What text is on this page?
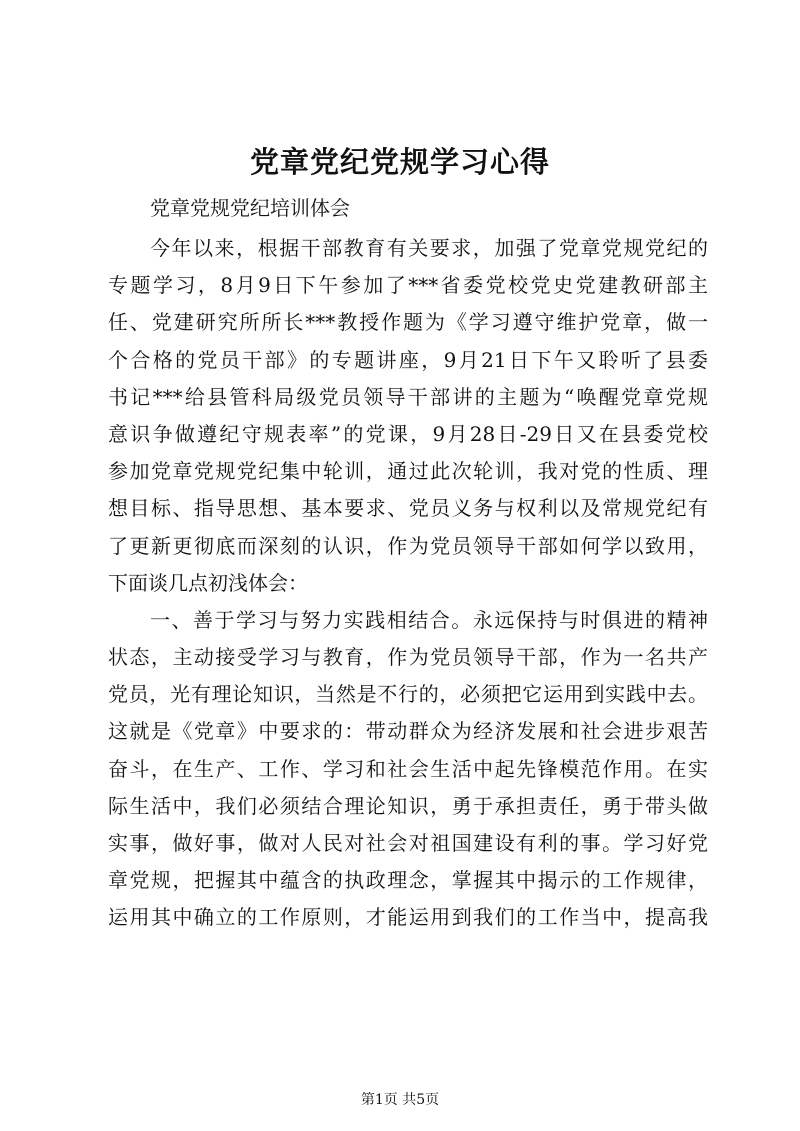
党章党纪党规学习心得
党章党规党纪培训体会
今年以来，根据干部教育有关要求，加强了党章党规党纪的
专题学习，8月9日下午参加了***省委党校党史党建教研部主
任、党建研究所所长***教授作题为《学习遵守维护党章，做一
个合格的党员干部》的专题讲座，9月21日下午又聆听了县委
书记***给县管科局级党员领导干部讲的主题为“唤醒党章党规
意识争做遵纪守规表率”的党课，9月28日-29日又在县委党校
参加党章党规党纪集中轮训，通过此次轮训，我对党的性质、理
想目标、指导思想、基本要求、党员义务与权利以及常规党纪有
了更新更彻底而深刻的认识，作为党员领导干部如何学以致用，
下面谈几点初浅体会：
一、善于学习与努力实践相结合。永远保持与时俱进的精神
状态，主动接受学习与教育，作为党员领导干部，作为一名共产
党员，光有理论知识，当然是不行的，必须把它运用到实践中去。
这就是《党章》中要求的：带动群众为经济发展和社会进步艰苦
奋斗，在生产、工作、学习和社会生活中起先锋模范作用。在实
际生活中，我们必须结合理论知识，勇于承担责任，勇于带头做
实事，做好事，做对人民对社会对祖国建设有利的事。学习好党
章党规，把握其中蕴含的执政理念，掌握其中揭示的工作规律，
运用其中确立的工作原则，才能运用到我们的工作当中，提高我
第1页 共5页
